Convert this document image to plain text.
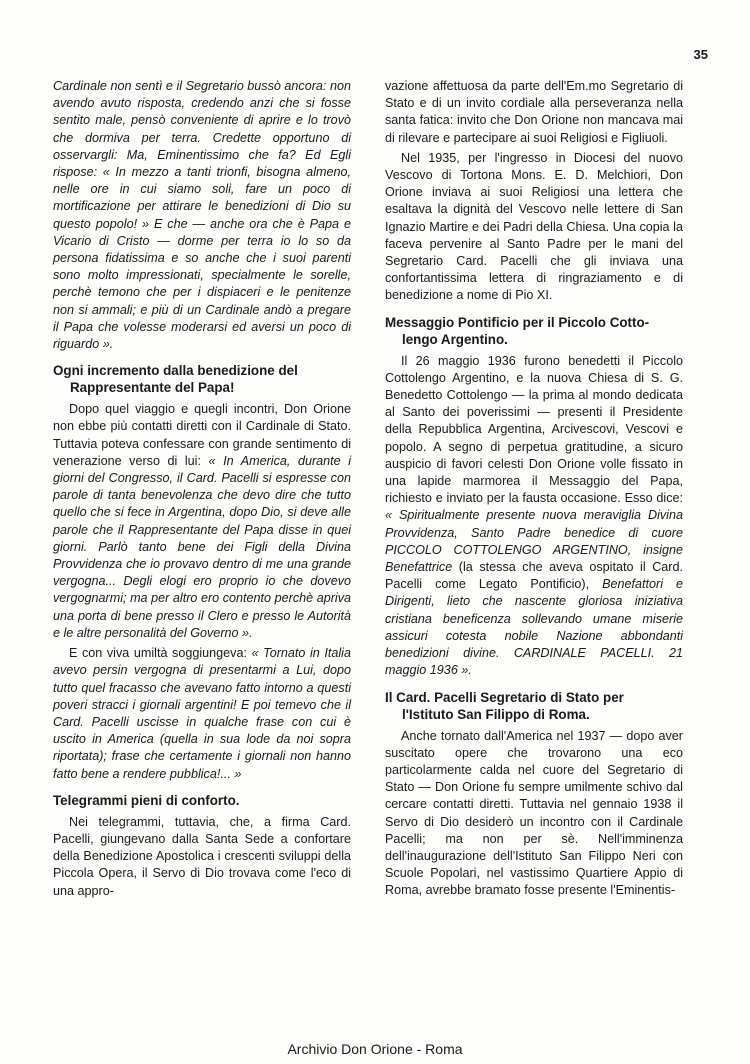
35

Cardinale non sentì e il Segretario bussò ancora: non avendo avuto risposta, credendo anzi che si fosse sentito male, pensò conveniente di aprire e lo trovò che dormiva per terra. Credette opportuno di osservargli: Ma, Eminentissimo che fa? Ed Egli rispose: « In mezzo a tanti trionfi, bisogna almeno, nelle ore in cui siamo soli, fare un poco di mortificazione per attirare le benedizioni di Dio su questo popolo! » E che — anche ora che è Papa e Vicario di Cristo — dorme per terra io lo so da persona fidatissima e so anche che i suoi parenti sono molto impressionati, specialmente le sorelle, perchè temono che per i dispiaceri e le penitenze non si ammali; e più di un Cardinale andò a pregare il Papa che volesse moderarsi ed aversi un poco di riguardo ».

Ogni incremento dalla benedizione del
Rappresentante del Papa!

Dopo quel viaggio e quegli incontri, Don Orione non ebbe più contatti diretti con il Cardinale di Stato. Tuttavia poteva confessare con grande sentimento di venerazione verso di lui: « In America, durante i giorni del Congresso, il Card. Pacelli si espresse con parole di tanta benevolenza che devo dire che tutto quello che si fece in Argentina, dopo Dio, si deve alle parole che il Rappresentante del Papa disse in quei giorni. Parlò tanto bene dei Figli della Divina Provvidenza che io provavo dentro di me una grande vergogna... Degli elogi ero proprio io che dovevo vergognarmi; ma per altro ero contento perchè apriva una porta di bene presso il Clero e presso le Autorità e le altre personalità del Governo ».

E con viva umiltà soggiungeva: « Tornato in Italia avevo persin vergogna di presentarmi a Lui, dopo tutto quel fracasso che avevano fatto intorno a questi poveri stracci i giornali argentini! E poi temevo che il Card. Pacelli uscisse in qualche frase con cui è uscito in America (quella in sua lode da noi sopra riportata); frase che certamente i giornali non hanno fatto bene a rendere pubblica!... »

Telegrammi pieni di conforto.

Nei telegrammi, tuttavia, che, a firma Card. Pacelli, giungevano dalla Santa Sede a confortare della Benedizione Apostolica i crescenti sviluppi della Piccola Opera, il Servo di Dio trovava come l'eco di una appro-

vazione affettuosa da parte dell'Em.mo Segretario di Stato e di un invito cordiale alla perseveranza nella santa fatica: invito che Don Orione non mancava mai di rilevare e partecipare ai suoi Religiosi e Figliuoli.

Nel 1935, per l'ingresso in Diocesi del nuovo Vescovo di Tortona Mons. E. D. Melchiori, Don Orione inviava ai suoi Religiosi una lettera che esaltava la dignità del Vescovo nelle lettere di San Ignazio Martire e dei Padri della Chiesa. Una copia la faceva pervenire al Santo Padre per le mani del Segretario Card. Pacelli che gli inviava una confortantissima lettera di ringraziamento e di benedizione a nome di Pio XI.

Messaggio Pontificio per il Piccolo Cotto-
lengo Argentino.

Il 26 maggio 1936 furono benedetti il Piccolo Cottolengo Argentino, e la nuova Chiesa di S. G. Benedetto Cottolengo — la prima al mondo dedicata al Santo dei poverissimi — presenti il Presidente della Repubblica Argentina, Arcivescovi, Vescovi e popolo. A segno di perpetua gratitudine, a sicuro auspicio di favori celesti Don Orione volle fissato in una lapide marmorea il Messaggio del Papa, richiesto e inviato per la fausta occasione. Esso dice: « Spiritualmente presente nuova meraviglia Divina Provvidenza, Santo Padre benedice di cuore PICCOLO COTTOLENGO ARGENTINO, insigne Benefattrice (la stessa che aveva ospitato il Card. Pacelli come Legato Pontificio), Benefattori e Dirigenti, lieto che nascente gloriosa iniziativa cristiana beneficenza sollevando umane miserie assicuri cotesta nobile Nazione abbondanti benedizioni divine. CARDINALE PACELLI. 21 maggio 1936 ».

Il Card. Pacelli Segretario di Stato per
l'Istituto San Filippo di Roma.

Anche tornato dall'America nel 1937 — dopo aver suscitato opere che trovarono una eco particolarmente calda nel cuore del Segretario di Stato — Don Orione fu sempre umilmente schivo dal cercare contatti diretti. Tuttavia nel gennaio 1938 il Servo di Dio desiderò un incontro con il Cardinale Pacelli; ma non per sè. Nell'imminenza dell'inaugurazione dell'Istituto San Filippo Neri con Scuole Popolari, nel vastissimo Quartiere Appio di Roma, avrebbe bramato fosse presente l'Eminentis-

Archivio Don Orione - Roma
